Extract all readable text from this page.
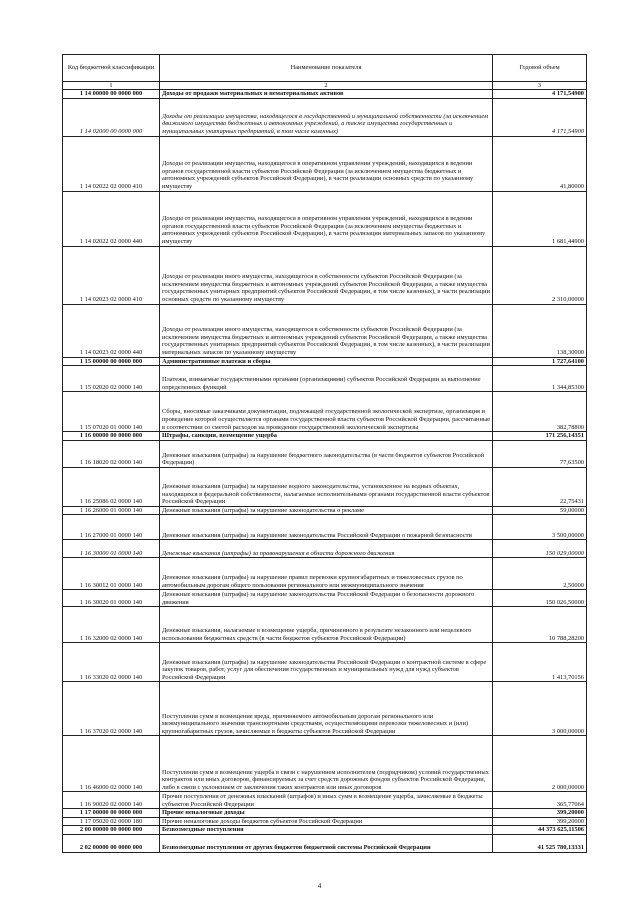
Код бюджетной классификации	Наименование показателя	Годовой объем
1	2	3
1 14 00000 00 0000 000	Доходы от продажи материальных и нематериальных активов	4 171,54900
1 14 02000 00 0000 000	Доходы от реализации имущества, находящегося в государственной и муниципальной собственности (за исключением движимого имущества бюджетных и автономных учреждений, а также имущества государственных и муниципальных унитарных предприятий, в том числе казенных)	4 171,54900
1 14 02022 02 0000 410	Доходы от реализации имущества, находящегося в оперативном управлении учреждений, находящихся в ведении органов государственной власти субъектов Российской Федерации (за исключением имущества бюджетных и автономных учреждений субъектов Российской Федерации), в части реализации основных средств по указанному имуществу	41,80000
1 14 02022 02 0000 440	Доходы от реализации имущества, находящегося в оперативном управлении учреждений, находящихся в ведении органов государственной власти субъектов Российской Федерации (за исключением имущества бюджетных и автономных учреждений субъектов Российской Федерации), в части реализации материальных запасов по указанному имуществу	1 681,44900
1 14 02023 02 0000 410	Доходы от реализации иного имущества, находящегося в собственности субъектов Российской Федерации (за исключением имущества бюджетных и автономных учреждений субъектов Российской Федерации, а также имущества государственных унитарных предприятий субъектов Российской Федерации, в том числе казенных), в части реализации основных средств по указанному имуществу	2 310,00000
1 14 02023 02 0000 440	Доходы от реализации иного имущества, находящегося в собственности субъектов Российской Федерации (за исключением имущества бюджетных и автономных учреждений субъектов Российской Федерации, а также имущества государственных унитарных предприятий субъектов Российской Федерации, в том числе казенных), в части реализации материальных запасов по указанному имуществу	138,30000
1 15 00000 00 0000 000	Административные платежи и сборы	1 727,64100
1 15 02020 02 0000 140	Платежи, взимаемые государственными органами (организациями) субъектов Российской Федерации за выполнение определенных функций	1 344,85300
1 15 07020 01 0000 140	Сборы, вносимые заказчиками документации, подлежащей государственной экологической экспертизе, организация и проведение которой осуществляется органами государственной власти субъектов Российской Федерации, рассчитанные в соответствии со сметой расходов на проведение государственной экологической экспертизы	382,78800
1 16 00000 00 0000 000	Штрафы, санкции, возмещение ущерба	171 256,14351
1 16 18020 02 0000 140	Денежные взыскания (штрафы) за нарушение бюджетного законодательства (в части бюджетов субъектов Российской Федерации)	77,63500
1 16 25086 02 0000 140	Денежные взыскания (штрафы) за нарушение водного законодательства, установленное на водных объектах, находящихся в федеральной собственности, налагаемые исполнительными органами государственной власти субъектов Российской Федерации	22,75431
1 16 26000 01 0000 140	Денежные взыскания (штрафы) за нарушение законодательства о рекламе	59,00000
1 16 27000 01 0000 140	Денежные взыскания (штрафы) за нарушение законодательства Российской Федерации о пожарной безопасности	3 500,00000
1 16 30000 01 0000 140	Денежные взыскания (штрафы) за правонарушения в области дорожного движения	150 029,00000
1 16 30012 01 0000 140	Денежные взыскания (штрафы) за нарушение правил перевозки крупногабаритных и тяжеловесных грузов по автомобильным дорогам общего пользования регионального или межмуниципального значения	2,50000
1 16 30020 01 0000 140	Денежные взыскания (штрафы) за нарушение законодательства Российской Федерации о безопасности дорожного движения	150 026,50000
1 16 32000 02 0000 140	Денежные взыскания, налагаемые в возмещение ущерба, причиненного в результате незаконного или нецелевого использования бюджетных средств (в части бюджетов субъектов Российской Федерации)	10 788,28200
1 16 33020 02 0000 140	Денежные взыскания (штрафы) за нарушение законодательства Российской Федерации о контрактной системе в сфере закупок товаров, работ, услуг для обеспечения государственных и муниципальных нужд для нужд субъектов Российской Федерации	1 413,70156
1 16 37020 02 0000 140	Поступления сумм в возмещение вреда, причиняемого автомобильным дорогам регионального или межмуниципального значения транспортными средствами, осуществляющими перевозки тяжеловесных и (или) крупногабаритных грузов, зачисляемые в бюджеты субъектов Российской Федерации	3 000,00000
1 16 46000 02 0000 140	Поступления сумм в возмещение ущерба в связи с нарушением исполнителем (подрядчиком) условий государственных контрактов или иных договоров, финансируемых за счет средств дорожных фондов субъектов Российской Федерации, либо в связи с уклонением от заключения таких контрактов или иных договоров	2 000,00000
1 16 90020 02 0000 140	Прочие поступления от денежных взысканий (штрафов) и иных сумм в возмещение ущерба, зачисляемые в бюджеты субъектов Российской Федерации	365,77064
1 17 00000 00 0000 000	Прочие неналоговые доходы	399,20000
1 17 05020 02 0000 180	Прочие неналоговые доходы бюджетов субъектов Российской Федерации	399,20000
2 00 00000 00 0000 000	Безвозмездные поступления	44 373 625,11506
2 02 00000 00 0000 000	Безвозмездные поступления от других бюджетов бюджетной системы Российской Федерации	41 525 780,13331
4
